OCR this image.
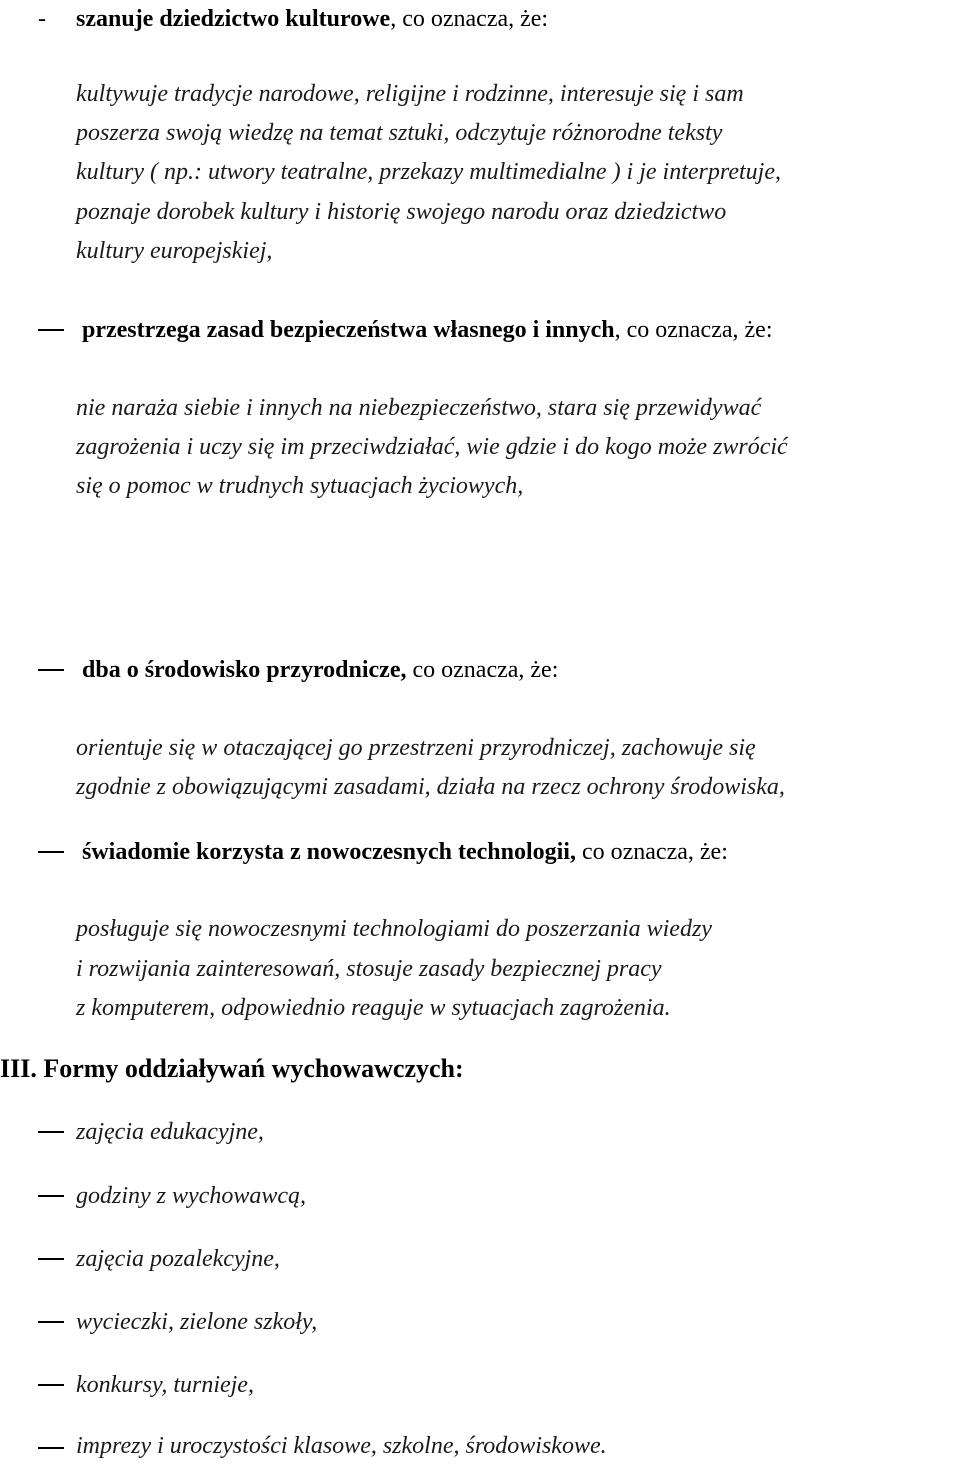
- szanuje dziedzictwo kulturowe, co oznacza, że:
kultywuje tradycje narodowe, religijne i rodzinne, interesuje się i sam
poszerza swoją wiedzę na temat sztuki, odczytuje różnorodne teksty
kultury ( np.: utwory teatralne, przekazy multimedialne ) i je interpretuje,
poznaje dorobek kultury i historię swojego narodu oraz dziedzictwo
kultury europejskiej,
przestrzega zasad bezpieczeństwa własnego i innych, co oznacza, że:
nie naraża siebie i innych na niebezpieczeństwo, stara się przewidywać
zagrożenia i uczy się im przeciwdziałać, wie gdzie i do kogo może zwrócić
się o pomoc w trudnych sytuacjach życiowych,
dba o środowisko przyrodnicze, co oznacza, że:
orientuje się w otaczającej go przestrzeni przyrodniczej, zachowuje się
zgodnie z obowiązującymi zasadami, działa na rzecz ochrony środowiska,
świadomie korzysta z nowoczesnych technologii, co oznacza, że:
posługuje się nowoczesnymi technologiami do poszerzania wiedzy
i rozwijania zainteresowań, stosuje zasady bezpiecznej pracy
z komputerem, odpowiednio reaguje w sytuacjach zagrożenia.
III. Formy oddziaływań wychowawczych:
zajęcia edukacyjne,
godziny z wychowawcą,
zajęcia pozalekcyjne,
wycieczki, zielone szkoły,
konkursy, turnieje,
imprezy i uroczystości klasowe, szkolne, środowiskowe.
